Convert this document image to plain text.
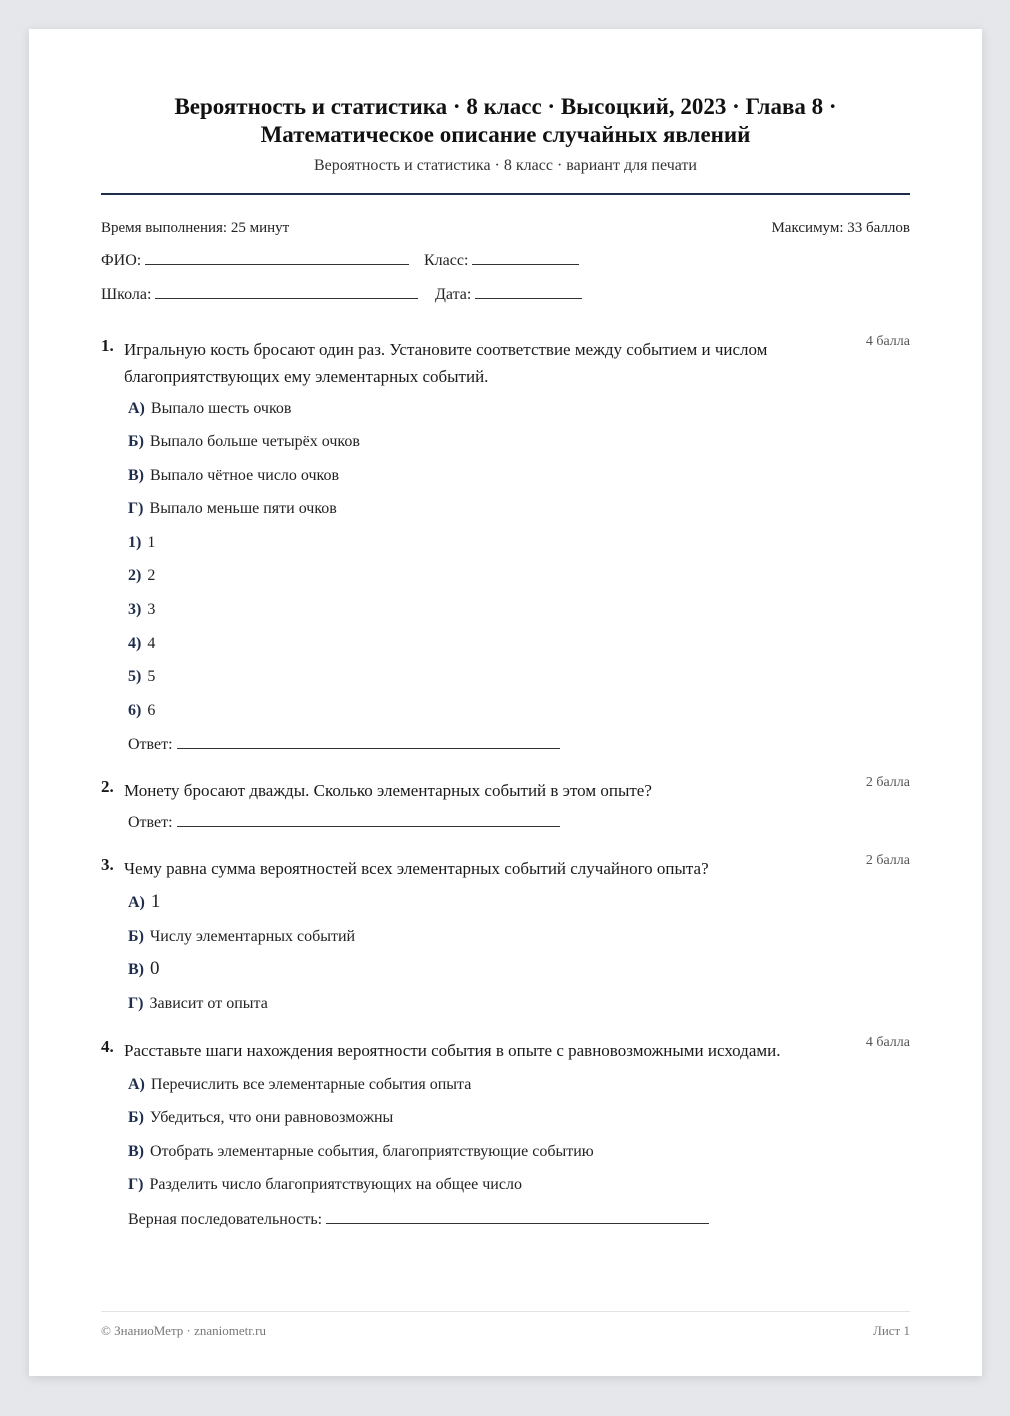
Вероятность и статистика · 8 класс · Высоцкий, 2023 · Глава 8 ·
Математическое описание случайных явлений
Вероятность и статистика · 8 класс · вариант для печати
Время выполнения: 25 минут	Максимум: 33 баллов
ФИО:	Класс:
Школа:	Дата:
1. Игральную кость бросают один раз. Установите соответствие между событием и числом благоприятствующих ему элементарных событий.
4 балла
А) Выпало шесть очков
Б) Выпало больше четырёх очков
В) Выпало чётное число очков
Г) Выпало меньше пяти очков
1) 1
2) 2
3) 3
4) 4
5) 5
6) 6
Ответ:
2. Монету бросают дважды. Сколько элементарных событий в этом опыте?	2 балла
Ответ:
3. Чему равна сумма вероятностей всех элементарных событий случайного опыта?	2 балла
А) 1
Б) Числу элементарных событий
В) 0
Г) Зависит от опыта
4. Расставьте шаги нахождения вероятности события в опыте с равновозможными исходами.	4 балла
А) Перечислить все элементарные события опыта
Б) Убедиться, что они равновозможны
В) Отобрать элементарные события, благоприятствующие событию
Г) Разделить число благоприятствующих на общее число
Верная последовательность:
© ЗнаниоМетр · znaniometr.ru	Лист 1
